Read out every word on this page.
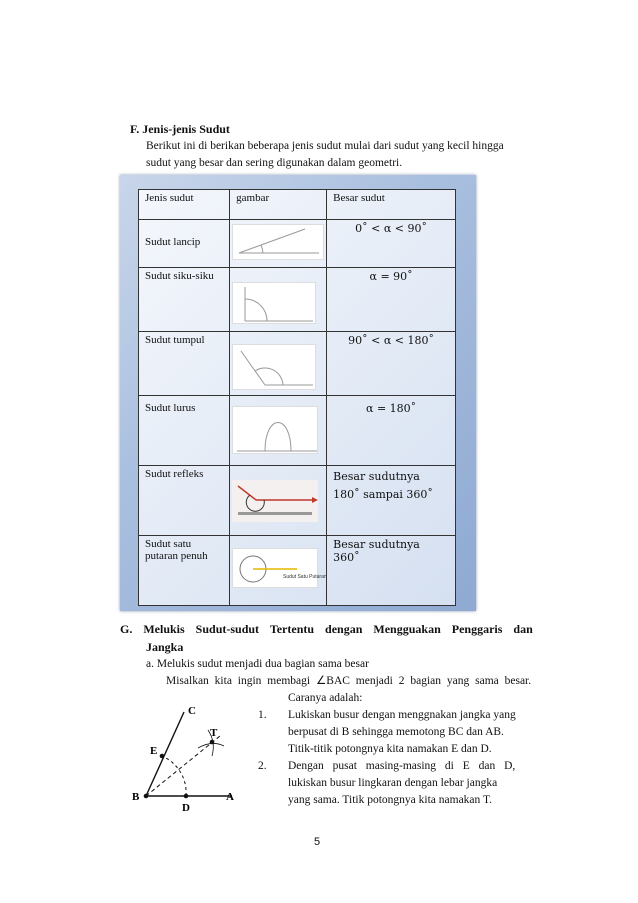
F. Jenis-jenis Sudut
Berikut ini di berikan beberapa jenis sudut mulai dari sudut yang kecil hingga
sudut yang besar dan sering digunakan dalam geometri.
Jenis sudut	gambar	Besar sudut
Sudut lancip		0˚ < α < 90˚
Sudut siku-siku		α = 90˚
Sudut tumpul		90˚ < α < 180˚
Sudut lurus		α = 180˚
Sudut refleks		Besar sudutnya 180˚ sampai 360˚
Sudut satu putaran penuh	Sudut Satu Putaran	Besar sudutnya 360˚
G. Melukis Sudut-sudut Tertentu dengan Mengguakan Penggaris dan
Jangka
a. Melukis sudut menjadi dua bagian sama besar
Misalkan kita ingin membagi ∠BAC menjadi 2 bagian yang sama besar.
Caranya adalah:
1. Lukiskan busur dengan menggnakan jangka yang
berpusat di B sehingga memotong BC dan AB.
Titik-titik potongnya kita namakan E dan D.
2. Dengan pusat masing-masing di E dan D,
lukiskan busur lingkaran dengan lebar jangka
yang sama. Titik potongnya kita namakan T.
C
E
T
B
D
A
5
